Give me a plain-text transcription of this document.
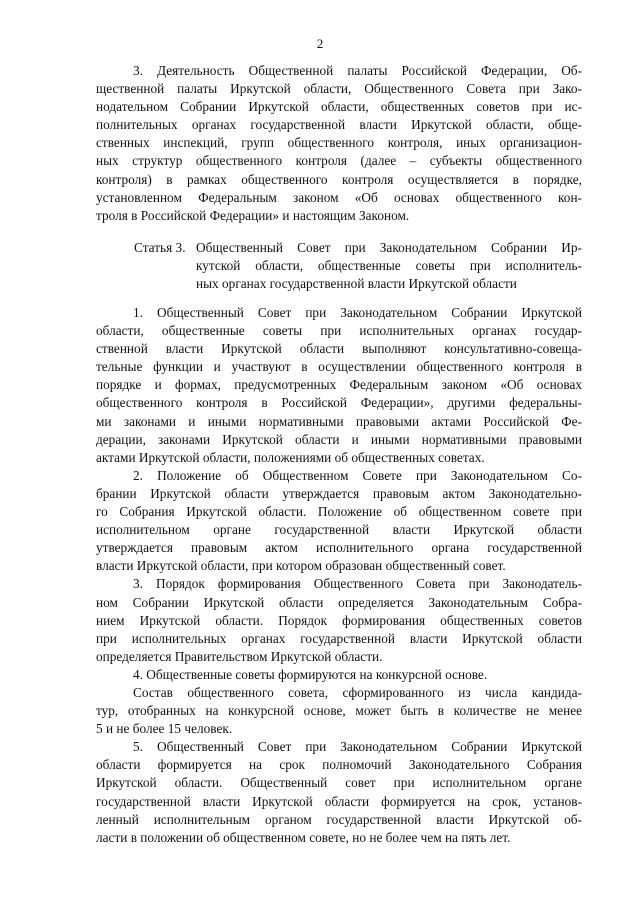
2
3. Деятельность Общественной палаты Российской Федерации, Об-
щественной палаты Иркутской области, Общественного Совета при Зако-
нодательном Собрании Иркутской области, общественных советов при ис-
полнительных органах государственной власти Иркутской области, обще-
ственных инспекций, групп общественного контроля, иных организацион-
ных структур общественного контроля (далее – субъекты общественного
контроля) в рамках общественного контроля осуществляется в порядке,
установленном Федеральным законом «Об основах общественного кон-
троля в Российской Федерации» и настоящим Законом.
Статья 3. Общественный Совет при Законодательном Собрании Ир-
кутской области, общественные советы при исполнитель-
ных органах государственной власти Иркутской области
1. Общественный Совет при Законодательном Собрании Иркутской
области, общественные советы при исполнительных органах государ-
ственной власти Иркутской области выполняют консультативно-совеща-
тельные функции и участвуют в осуществлении общественного контроля в
порядке и формах, предусмотренных Федеральным законом «Об основах
общественного контроля в Российской Федерации», другими федеральны-
ми законами и иными нормативными правовыми актами Российской Фе-
дерации, законами Иркутской области и иными нормативными правовыми
актами Иркутской области, положениями об общественных советах.
2. Положение об Общественном Совете при Законодательном Со-
брании Иркутской области утверждается правовым актом Законодательно-
го Собрания Иркутской области. Положение об общественном совете при
исполнительном органе государственной власти Иркутской области
утверждается правовым актом исполнительного органа государственной
власти Иркутской области, при котором образован общественный совет.
3. Порядок формирования Общественного Совета при Законодатель-
ном Собрании Иркутской области определяется Законодательным Собра-
нием Иркутской области. Порядок формирования общественных советов
при исполнительных органах государственной власти Иркутской области
определяется Правительством Иркутской области.
4. Общественные советы формируются на конкурсной основе.
Состав общественного совета, сформированного из числа кандида-
тур, отобранных на конкурсной основе, может быть в количестве не менее
5 и не более 15 человек.
5. Общественный Совет при Законодательном Собрании Иркутской
области формируется на срок полномочий Законодательного Собрания
Иркутской области. Общественный совет при исполнительном органе
государственной власти Иркутской области формируется на срок, установ-
ленный исполнительным органом государственной власти Иркутской об-
ласти в положении об общественном совете, но не более чем на пять лет.
